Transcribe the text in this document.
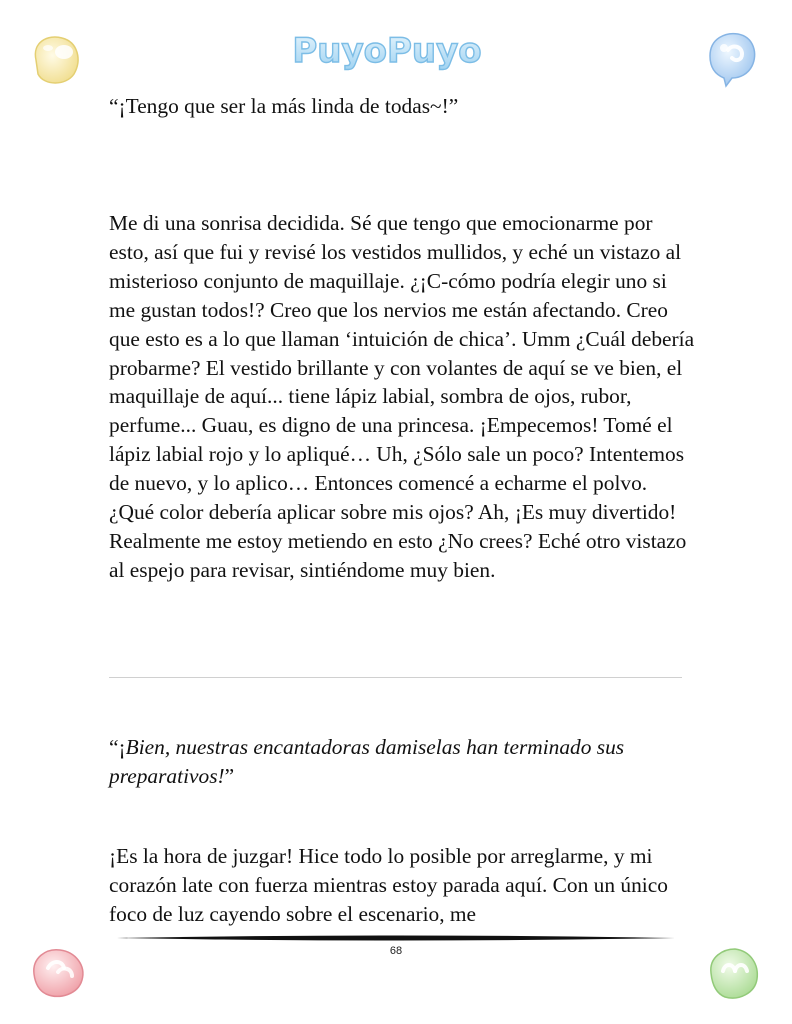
PuyoPuyo

“¡Tengo que ser la más linda de todas~!”

Me di una sonrisa decidida. Sé que tengo que emocionarme por esto, así que fui y revisé los vestidos mullidos, y eché un vistazo al misterioso conjunto de maquillaje. ¿¡C-cómo podría elegir uno si me gustan todos!? Creo que los nervios me están afectando. Creo que esto es a lo que llaman ‘intuición de chica’. Umm ¿Cuál debería probarme? El vestido brillante y con volantes de aquí se ve bien, el maquillaje de aquí... tiene lápiz labial, sombra de ojos, rubor, perfume... Guau, es digno de una princesa. ¡Empecemos! Tomé el lápiz labial rojo y lo apliqué… Uh, ¿Sólo sale un poco? Intentemos de nuevo, y lo aplico… Entonces comencé a echarme el polvo. ¿Qué color debería aplicar sobre mis ojos? Ah, ¡Es muy divertido! Realmente me estoy metiendo en esto ¿No crees? Eché otro vistazo al espejo para revisar, sintiéndome muy bien.

“¡Bien, nuestras encantadoras damiselas han terminado sus preparativos!”

¡Es la hora de juzgar! Hice todo lo posible por arreglarme, y mi corazón late con fuerza mientras estoy parada aquí. Con un único foco de luz cayendo sobre el escenario, me

68
